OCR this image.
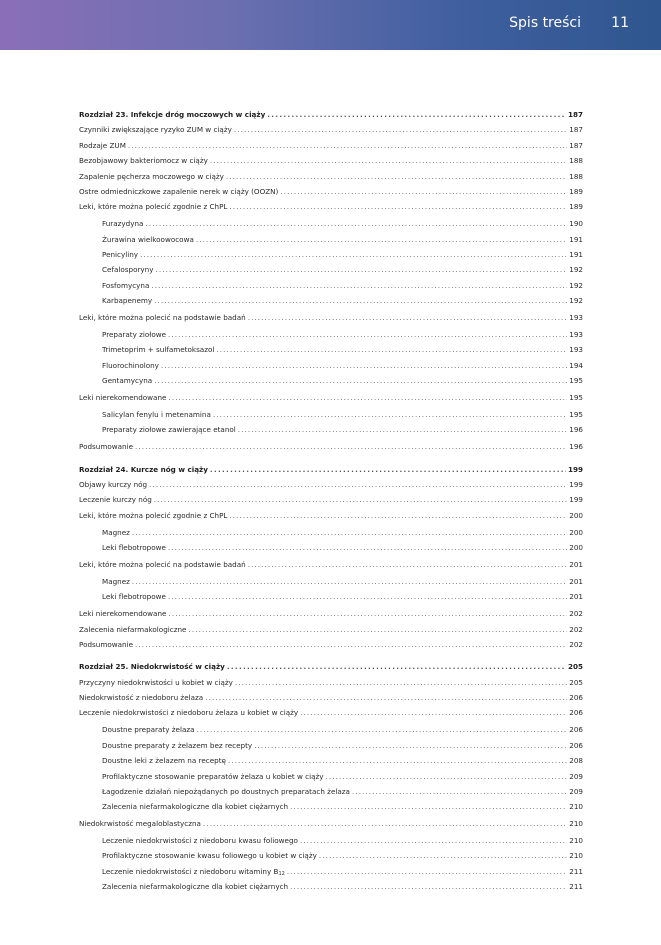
Spis treści 11
Rozdział 23. Infekcje dróg moczowych w ciąży . . .	187
Czynniki zwiększające ryzyko ZUM w ciąży . . .	187
Rodzaje ZUM . . .	187
Bezobjawowy bakteriomocz w ciąży . . .	188
Zapalenie pęcherza moczowego w ciąży . . .	188
Ostre odmiedniczkowe zapalenie nerek w ciąży (OOZN) . . .	189
Leki, które można polecić zgodnie z ChPL . . .	189
Furazydyna . . .	190
Żurawina wielkoowocowa . . .	191
Penicyliny . . .	191
Cefalosporyny . . .	192
Fosfomycyna . . .	192
Karbapenemy . . .	192
Leki, które można polecić na podstawie badań . . .	193
Preparaty ziołowe . . .	193
Trimetoprim + sulfametoksazol . . .	193
Fluorochinolony . . .	194
Gentamycyna . . .	195
Leki nierekomendowane . . .	195
Salicylan fenylu i metenamina . . .	195
Preparaty ziołowe zawierające etanol . . .	196
Podsumowanie . . .	196
Rozdział 24. Kurcze nóg w ciąży . . .	199
Objawy kurczy nóg . . .	199
Leczenie kurczy nóg . . .	199
Leki, które można polecić zgodnie z ChPL . . .	200
Magnez . . .	200
Leki flebotropowe . . .	200
Leki, które można polecić na podstawie badań . . .	201
Magnez . . .	201
Leki flebotropowe . . .	201
Leki nierekomendowane . . .	202
Zalecenia niefarmakologiczne . . .	202
Podsumowanie . . .	202
Rozdział 25. Niedokrwistość w ciąży . . .	205
Przyczyny niedokrwistości u kobiet w ciąży . . .	205
Niedokrwistość z niedoboru żelaza . . .	206
Leczenie niedokrwistości z niedoboru żelaza u kobiet w ciąży . . .	206
Doustne preparaty żelaza . . .	206
Doustne preparaty z żelazem bez recepty . . .	206
Doustne leki z żelazem na receptę . . .	208
Profilaktyczne stosowanie preparatów żelaza u kobiet w ciąży . . .	209
Łagodzenie działań niepożądanych po doustnych preparatach żelaza . . .	209
Zalecenia niefarmakologiczne dla kobiet ciężarnych . . .	210
Niedokrwistość megaloblastyczna . . .	210
Leczenie niedokrwistości z niedoboru kwasu foliowego . . .	210
Profilaktyczne stosowanie kwasu foliowego u kobiet w ciąży . . .	210
Leczenie niedokrwistości z niedoboru witaminy $B_{12}$ . . .	211
Zalecenia niefarmakologiczne dla kobiet ciężarnych . . .	211
